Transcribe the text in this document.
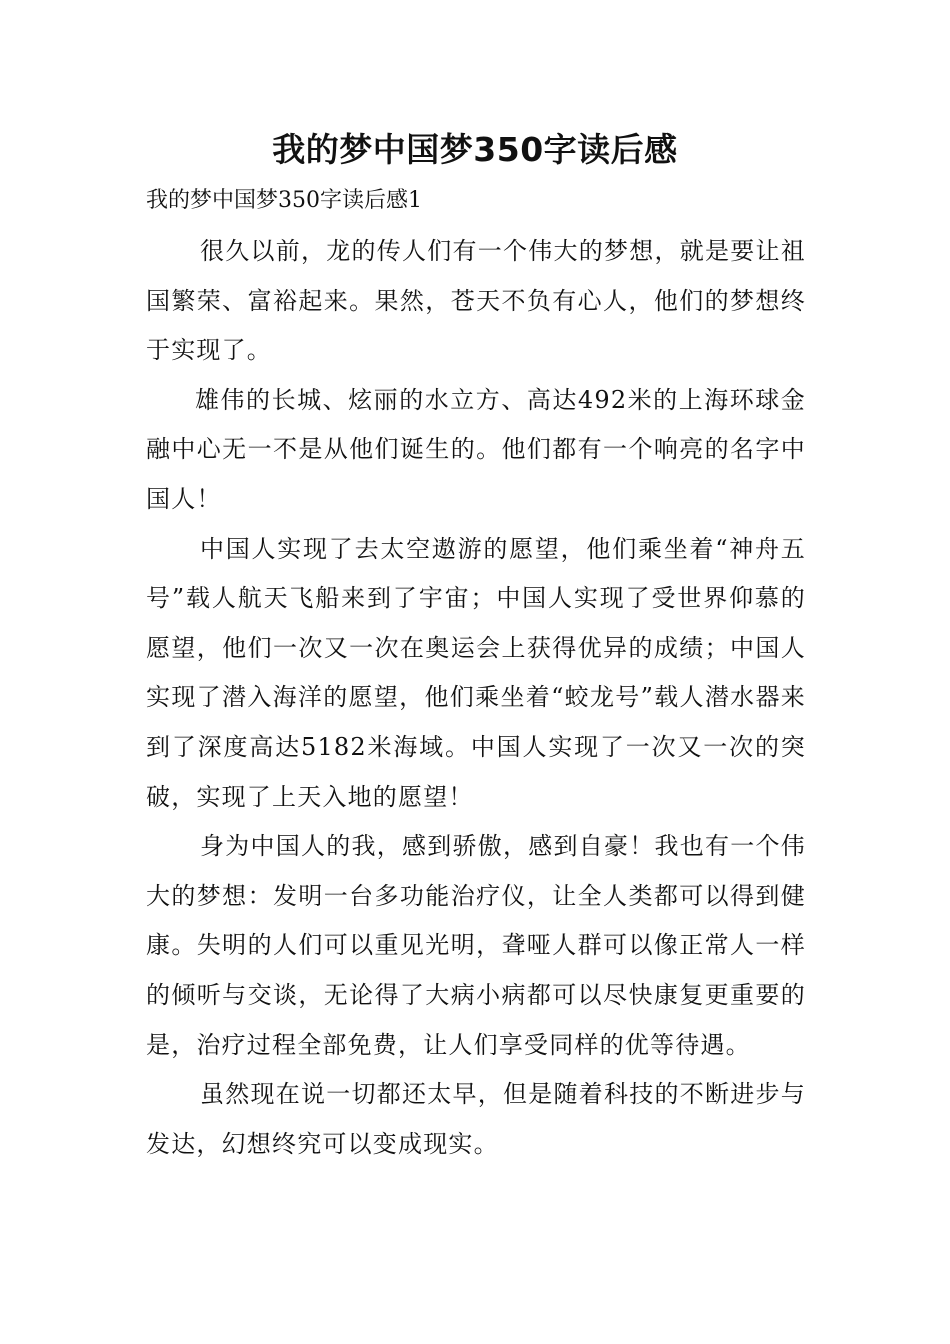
我的梦中国梦350字读后感

我的梦中国梦350字读后感1

很久以前，龙的传人们有一个伟大的梦想，就是要让祖国繁荣、富裕起来。果然，苍天不负有心人，他们的梦想终于实现了。

雄伟的长城、炫丽的水立方、高达492米的上海环球金融中心无一不是从他们诞生的。他们都有一个响亮的名字中国人！

中国人实现了去太空遨游的愿望，他们乘坐着“神舟五号”载人航天飞船来到了宇宙；中国人实现了受世界仰慕的愿望，他们一次又一次在奥运会上获得优异的成绩；中国人实现了潜入海洋的愿望，他们乘坐着“蛟龙号”载人潜水器来到了深度高达5182米海域。中国人实现了一次又一次的突破，实现了上天入地的愿望！

身为中国人的我，感到骄傲，感到自豪！我也有一个伟大的梦想：发明一台多功能治疗仪，让全人类都可以得到健康。失明的人们可以重见光明，聋哑人群可以像正常人一样的倾听与交谈，无论得了大病小病都可以尽快康复更重要的是，治疗过程全部免费，让人们享受同样的优等待遇。

虽然现在说一切都还太早，但是随着科技的不断进步与发达，幻想终究可以变成现实。
